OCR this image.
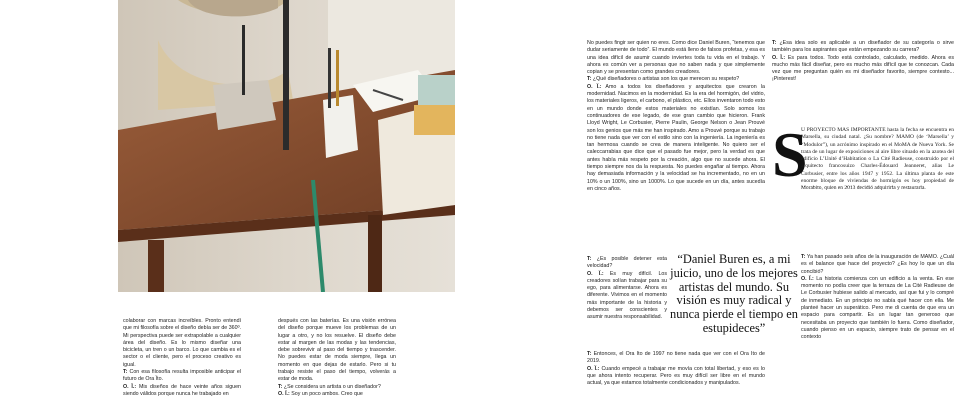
colaborar con marcas increíbles. Pronto entendí que mi filosofía sobre el diseño debía ser de 360º. Mi perspectiva puede ser extrapolable a cualquier área del diseño. Es lo mismo diseñar una bicicleta, un tren o un barco. Lo que cambia es el sector o el cliente, pero el proceso creativo es igual.

T: Con esa filosofía resulta imposible anticipar el futuro de Ora Ïto.

O. Ï.: Mis diseños de hace veinte años siguen siendo válidos porque nunca he trabajado en

después con las baterías. Es una visión errónea del diseño porque mueve los problemas de un lugar a otro, y no los resuelve. El diseño debe estar al margen de las modas y las tendencias, debe sobrevivir al paso del tiempo y trascender. No puedes estar de moda siempre, llega un momento en que dejas de estarlo. Pero si tu trabajo resiste el paso del tiempo, volverás a estar de moda.

T: ¿Se considera un artista o un diseñador?

O. Ï.: Soy un poco ambos. Creo que

No puedes fingir ser quien no eres. Como dice Daniel Buren, “tenemos que dudar seriamente de todo”. El mundo está lleno de falsos profetas, y esa es una idea difícil de asumir cuando inviertes toda tu vida en el trabajo. Y ahora es común ver a personas que no saben nada y que simplemente copian y se presentan como grandes creadores.

T: ¿Qué diseñadores o artistas son los que merecen su respeto?

O. Ï.: Amo a todos los diseñadores y arquitectos que crearon la modernidad. Nacimos en la modernidad. Es la era del hormigón, del vidrio, los materiales ligeros, el carbono, el plástico, etc. Ellos inventaron todo esto en un mundo donde estos materiales no existían. Solo somos los continuadores de ese legado, de ese gran cambio que hicieron. Frank Lloyd Wright, Le Corbusier, Pierre Paulin, George Nelson o Jean Prouvé son los genios que más me han inspirado. Amo a Prouvé porque su trabajo no tiene nada que ver con el estilo sino con la ingeniería. La ingeniería es tan hermosa cuando se crea de manera inteligente. No quiero ser el caleccarrabias que dice que el pasado fue mejor, pero la verdad es que antes había más respeto por la creación, algo que no sucede ahora. El tiempo siempre nos da la respuesta. No puedes engañar al tiempo. Ahora hay demasiada información y la velocidad se ha incrementado, no en un 10% o un 100%, sino un 1000%. Lo que sucede en un día, antes sucedía en cinco años.

T: ¿Es posible detener esta velocidad?

O. Ï.: Es muy difícil. Los creadores solían trabajar para su ego, para alimentarse. Ahora es diferente. Vivimos en el momento más importante de la historia y debemos ser conscientes y asumir nuestra responsabilidad.

T: Entonces, el Ora Ïto de 1997 no tiene nada que ver con el Ora Ïto de 2019.

O. Ï.: Cuando empecé a trabajar me movía con total libertad, y eso es lo que ahora intento recuperar. Pero es muy difícil ser libre en el mundo actual, ya que estamos totalmente condicionados y manipulados.

“Daniel Buren es, a mi juicio, uno de los mejores artistas del mundo. Su visión es muy radical y nunca pierde el tiempo en estupideces”

T: ¿Esa idea solo es aplicable a un diseñador de su categoría o sirve también para los aspirantes que están empezando su carrera?

O. Ï.: Es para todos. Todo está controlado, calculado, medido. Ahora es mucho más fácil diseñar, pero es mucho más difícil que te conozcan. Cada vez que me preguntan quién es mi diseñador favorito, siempre contesto... ¡Pinterest!

S
U PROYECTO MÁS IMPORTANTE hasta la fecha se encuentra en Marsella, su ciudad natal. ¿Su nombre? MAMO (de ‘Marsella’ y “Modulor”), un acrónimo inspirado en el MoMA de Nueva York. Se trata de un lugar de exposiciones al aire libre situado en la azotea del edificio L’Unité d’Habitation o La Cité Radieuse, construido por el arquitecto francosuizo Charles-Édouard Jeanneret, alias Le Corbusier, entre los años 1947 y 1952. La última planta de este enorme bloque de viviendas de hormigón es hoy propiedad de
Morabito, quien en 2013 decidió adquirirla y restaurarla.

T: Ya han pasado seis años de la inauguración de MAMO. ¿Cuál es el balance que hace del proyecto? ¿Es hoy lo que un día concibió?

O. Ï.: La historia comienza con un edificio a la venta. En ese momento no podía creer que la terraza de La Cité Radieuse de Le Corbusier hubiese salido al mercado, así que fui y lo compré de inmediato. En un principio no sabía qué hacer con ella. Me planteé hacer un superático. Pero me di cuenta de que era un espacio para compartir. Es un lugar tan generoso que necesitaba un proyecto que también lo fuera. Como diseñador, cuando pienso en un espacio, siempre trato de pensar en el contexto
